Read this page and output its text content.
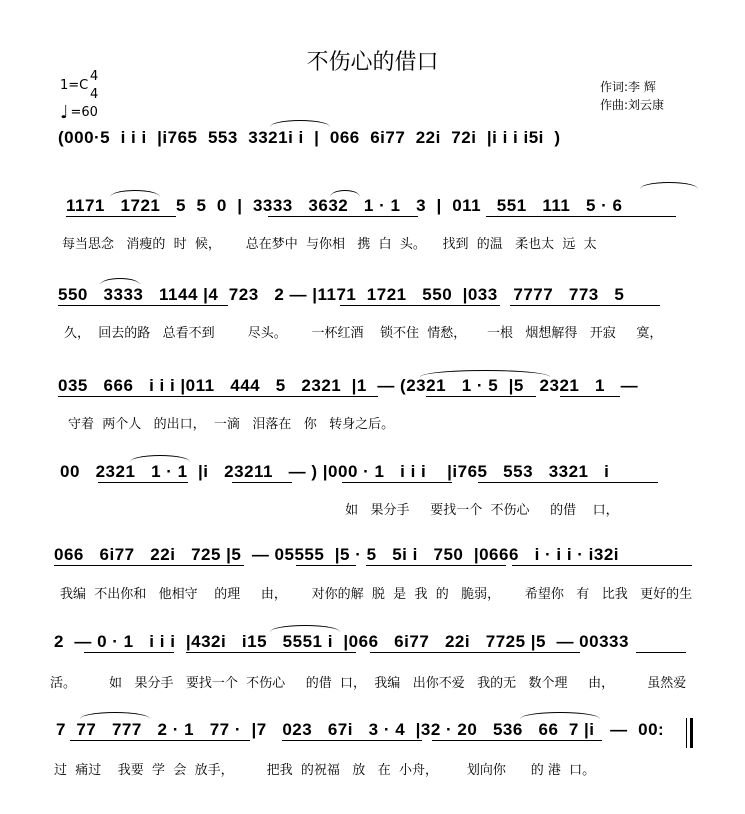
不伤心的借口
1=C
4
4
♩ =60
作词:李 辉
作曲:刘云康
(000·5  i i i  |i765  553  3321i i  |  066  6i77  22i  72i  |i i i i5i  )
1171   1721   5  5  0  |  3333   3632   1 · 1   3  |  011   551   111   5 · 6
每当思念   消瘦的  时  候，      总在梦中  与你相   携  白  头。    找到  的温   柔也太  远  太
550   3333   1144 |4  723   2 — |1171  1721   550  |033   7777   773   5
久，  回去的路   总看不到        尽头。      一杯红酒    锁不住  情愁，     一根   烟想解得   开寂     寞，
035   666   i i i |011   444   5   2321  |1  — (2321   1 · 5  |5   2321   1   —
守着  两个人   的出口，  一滴   泪落在   你   转身之后。
00   2321   1 · 1  |i   23211   — ) |000 · 1   i i i    |i765   553   3321   i
如   果分手     要找一个  不伤心     的借    口，
066   6i77   22i   725 |5  — 05555  |5 · 5   5i i   750  |0666   i · i i · i32i
我编  不出你和   他相守    的理     由，      对你的解  脱  是  我  的   脆弱，      希望你   有   比我   更好的生
2  — 0 · 1   i i i  |432i   i15   5551 i  |066   6i77   22i   7725 |5  — 00333
活。        如   果分手   要找一个  不伤心     的借  口，  我编   出你不爱   我的无   数个理     由，        虽然爱
7  77   777   2 · 1   77 ·  |7   023   67i   3 · 4  |32 · 20   536   66  7 |i   —  00:
过  痛过    我要  学  会  放手，        把我  的祝福   放   在  小舟，       划向你      的 港  口。
